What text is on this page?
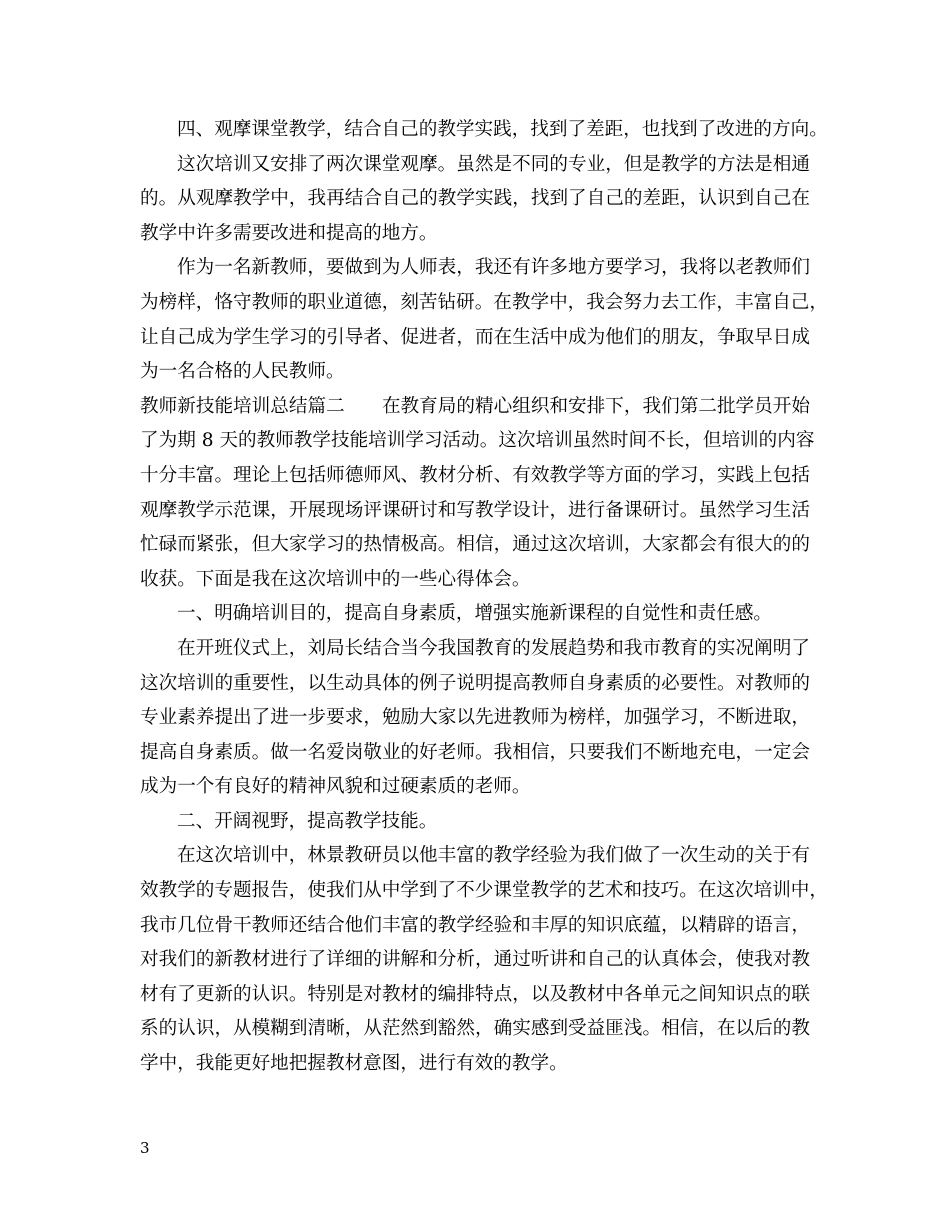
四、观摩课堂教学，结合自己的教学实践，找到了差距，也找到了改进的方向。
这次培训又安排了两次课堂观摩。虽然是不同的专业，但是教学的方法是相通
的。从观摩教学中，我再结合自己的教学实践，找到了自己的差距，认识到自己在
教学中许多需要改进和提高的地方。
作为一名新教师，要做到为人师表，我还有许多地方要学习，我将以老教师们
为榜样，恪守教师的职业道德，刻苦钻研。在教学中，我会努力去工作，丰富自己，
让自己成为学生学习的引导者、促进者，而在生活中成为他们的朋友，争取早日成
为一名合格的人民教师。
教师新技能培训总结篇二　　在教育局的精心组织和安排下，我们第二批学员开始
了为期 8 天的教师教学技能培训学习活动。这次培训虽然时间不长，但培训的内容
十分丰富。理论上包括师德师风、教材分析、有效教学等方面的学习，实践上包括
观摩教学示范课，开展现场评课研讨和写教学设计，进行备课研讨。虽然学习生活
忙碌而紧张，但大家学习的热情极高。相信，通过这次培训，大家都会有很大的的
收获。下面是我在这次培训中的一些心得体会。
一、明确培训目的，提高自身素质，增强实施新课程的自觉性和责任感。
在开班仪式上，刘局长结合当今我国教育的发展趋势和我市教育的实况阐明了
这次培训的重要性，以生动具体的例子说明提高教师自身素质的必要性。对教师的
专业素养提出了进一步要求，勉励大家以先进教师为榜样，加强学习，不断进取，
提高自身素质。做一名爱岗敬业的好老师。我相信，只要我们不断地充电，一定会
成为一个有良好的精神风貌和过硬素质的老师。
二、开阔视野，提高教学技能。
在这次培训中，林景教研员以他丰富的教学经验为我们做了一次生动的关于有
效教学的专题报告，使我们从中学到了不少课堂教学的艺术和技巧。在这次培训中，
我市几位骨干教师还结合他们丰富的教学经验和丰厚的知识底蕴，以精辟的语言，
对我们的新教材进行了详细的讲解和分析，通过听讲和自己的认真体会，使我对教
材有了更新的认识。特别是对教材的编排特点，以及教材中各单元之间知识点的联
系的认识，从模糊到清晰，从茫然到豁然，确实感到受益匪浅。相信，在以后的教
学中，我能更好地把握教材意图，进行有效的教学。
3
